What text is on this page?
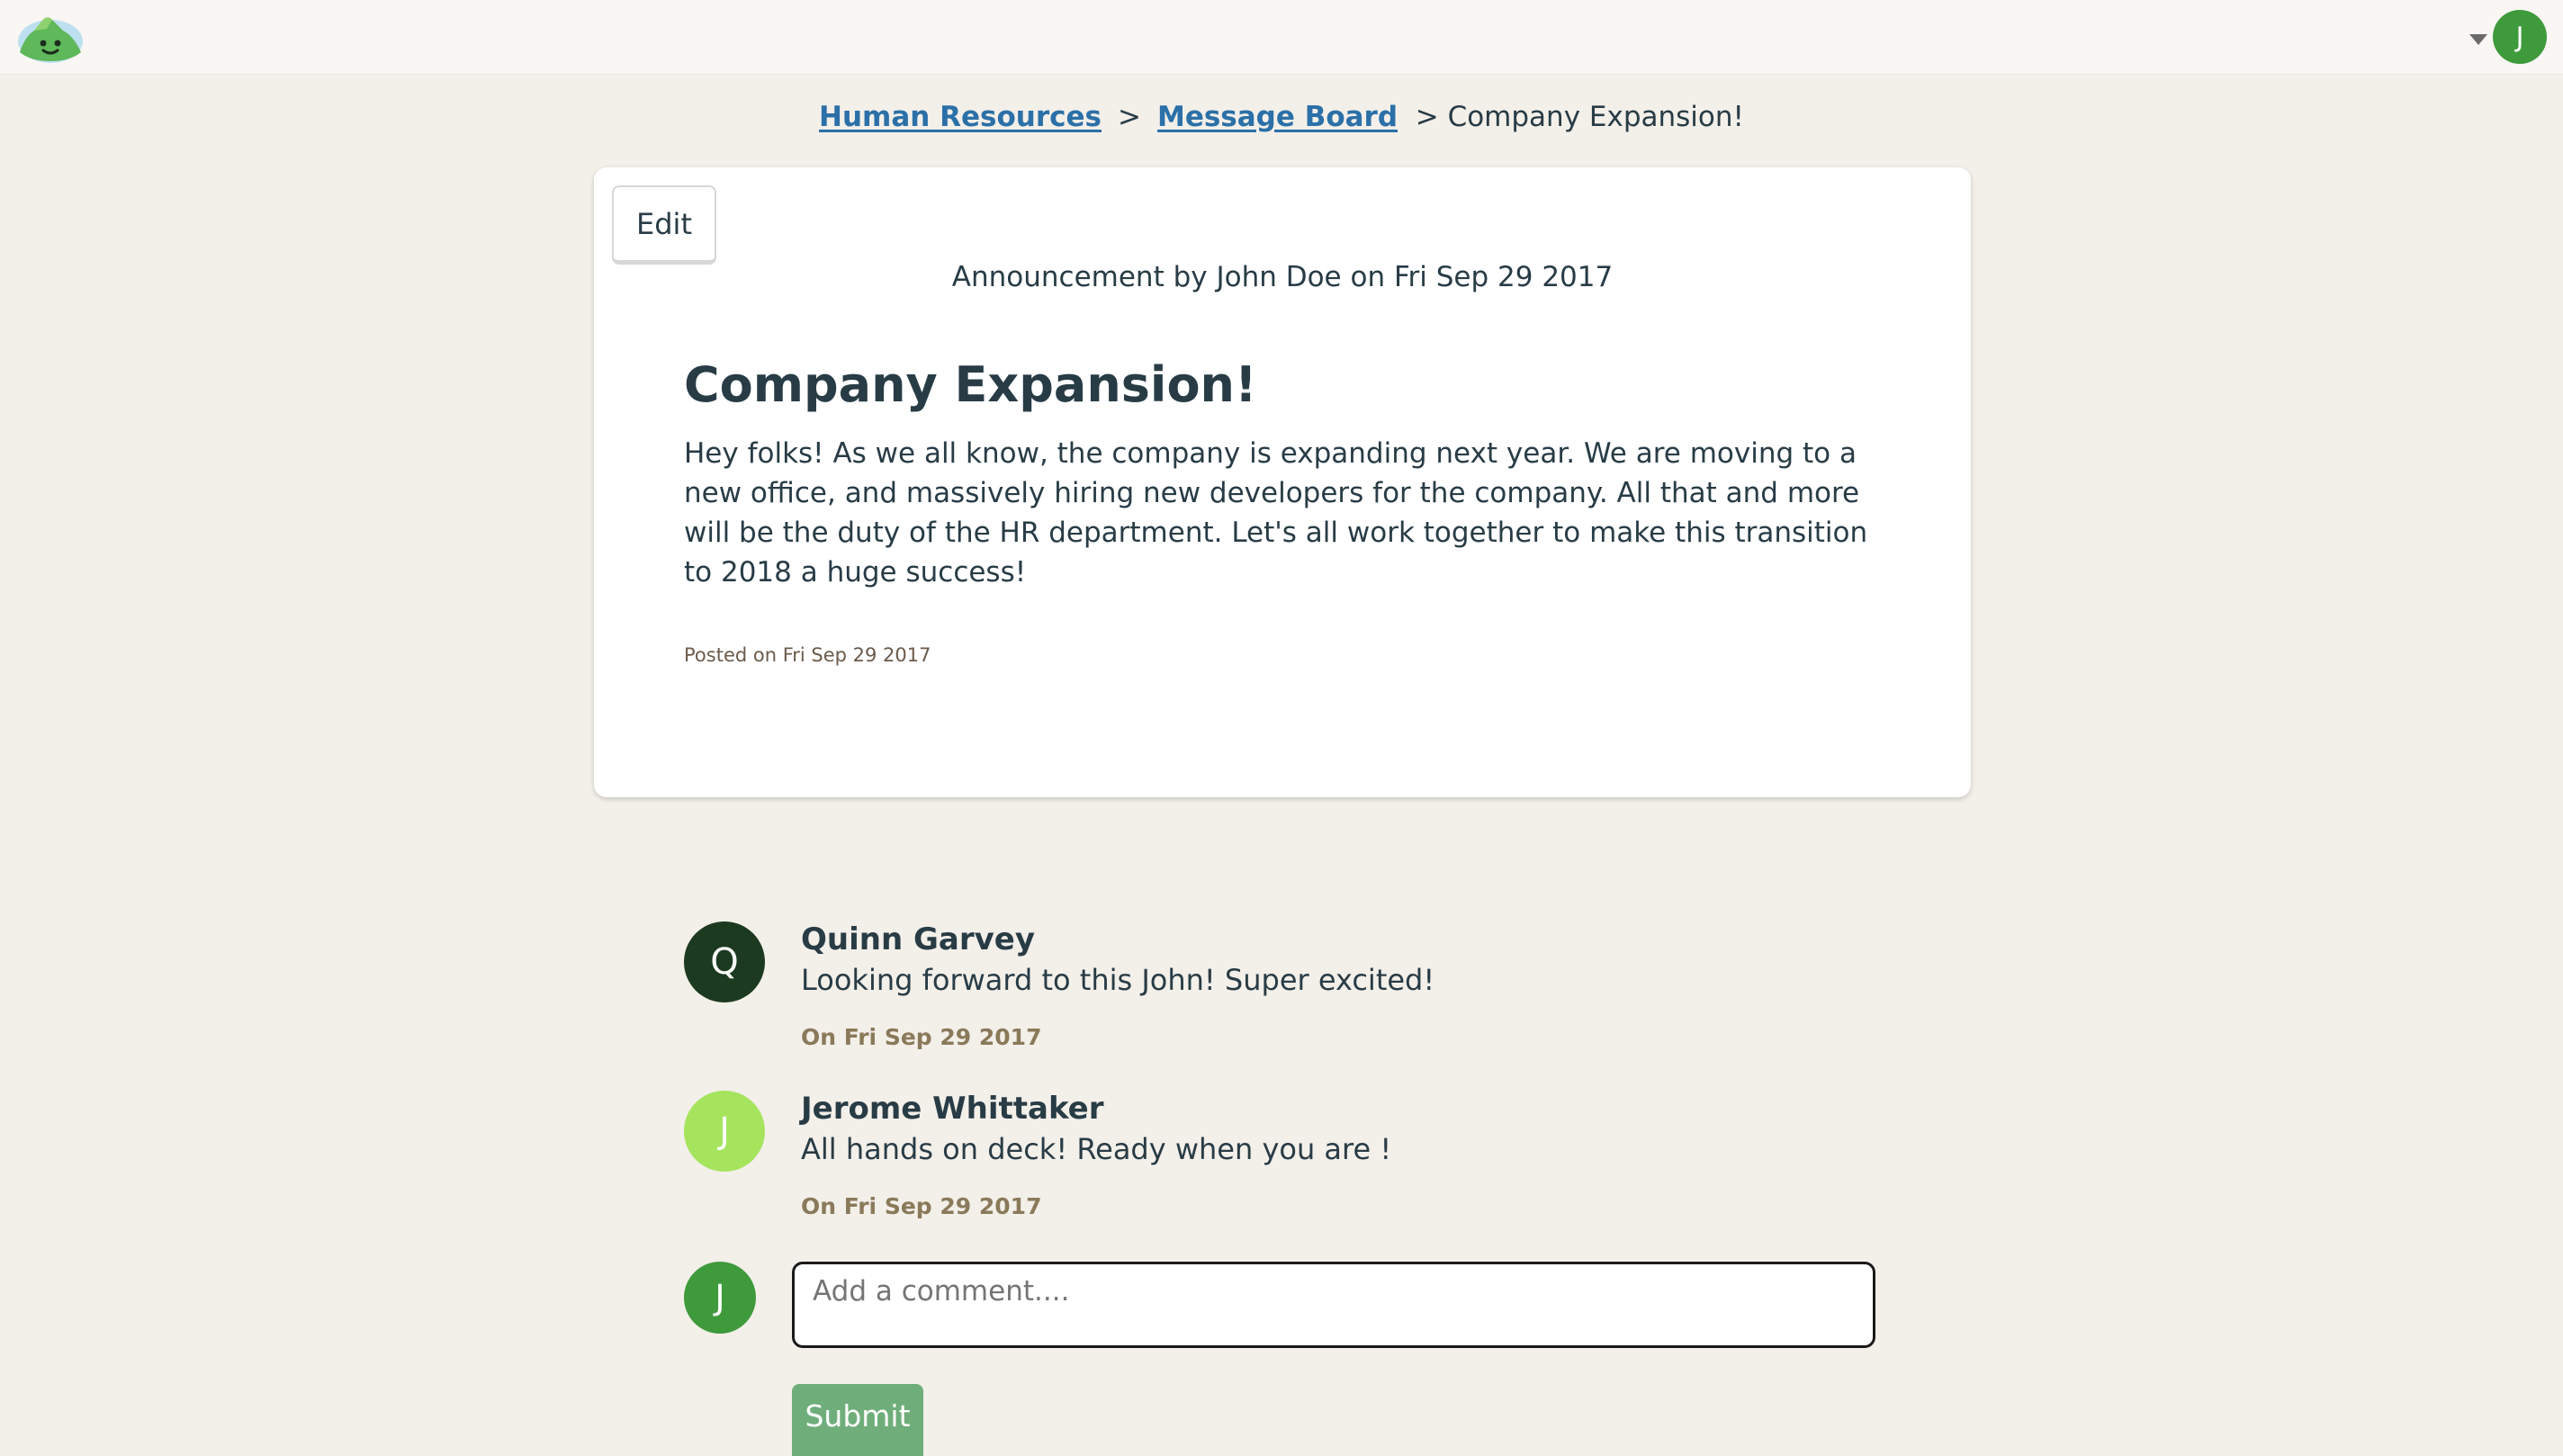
J
Human Resources > Message Board > Company Expansion!
Edit
Announcement by John Doe on Fri Sep 29 2017
Company Expansion!

Hey folks! As we all know, the company is expanding next year. We are moving to a new office, and massively hiring new developers for the company. All that and more will be the duty of the HR department. Let's all work together to make this transition to 2018 a huge success!

Posted on Fri Sep 29 2017
Q
Quinn Garvey
Looking forward to this John! Super excited!
On Fri Sep 29 2017
J
Jerome Whittaker
All hands on deck! Ready when you are !
On Fri Sep 29 2017
J
Add a comment....
Submit
